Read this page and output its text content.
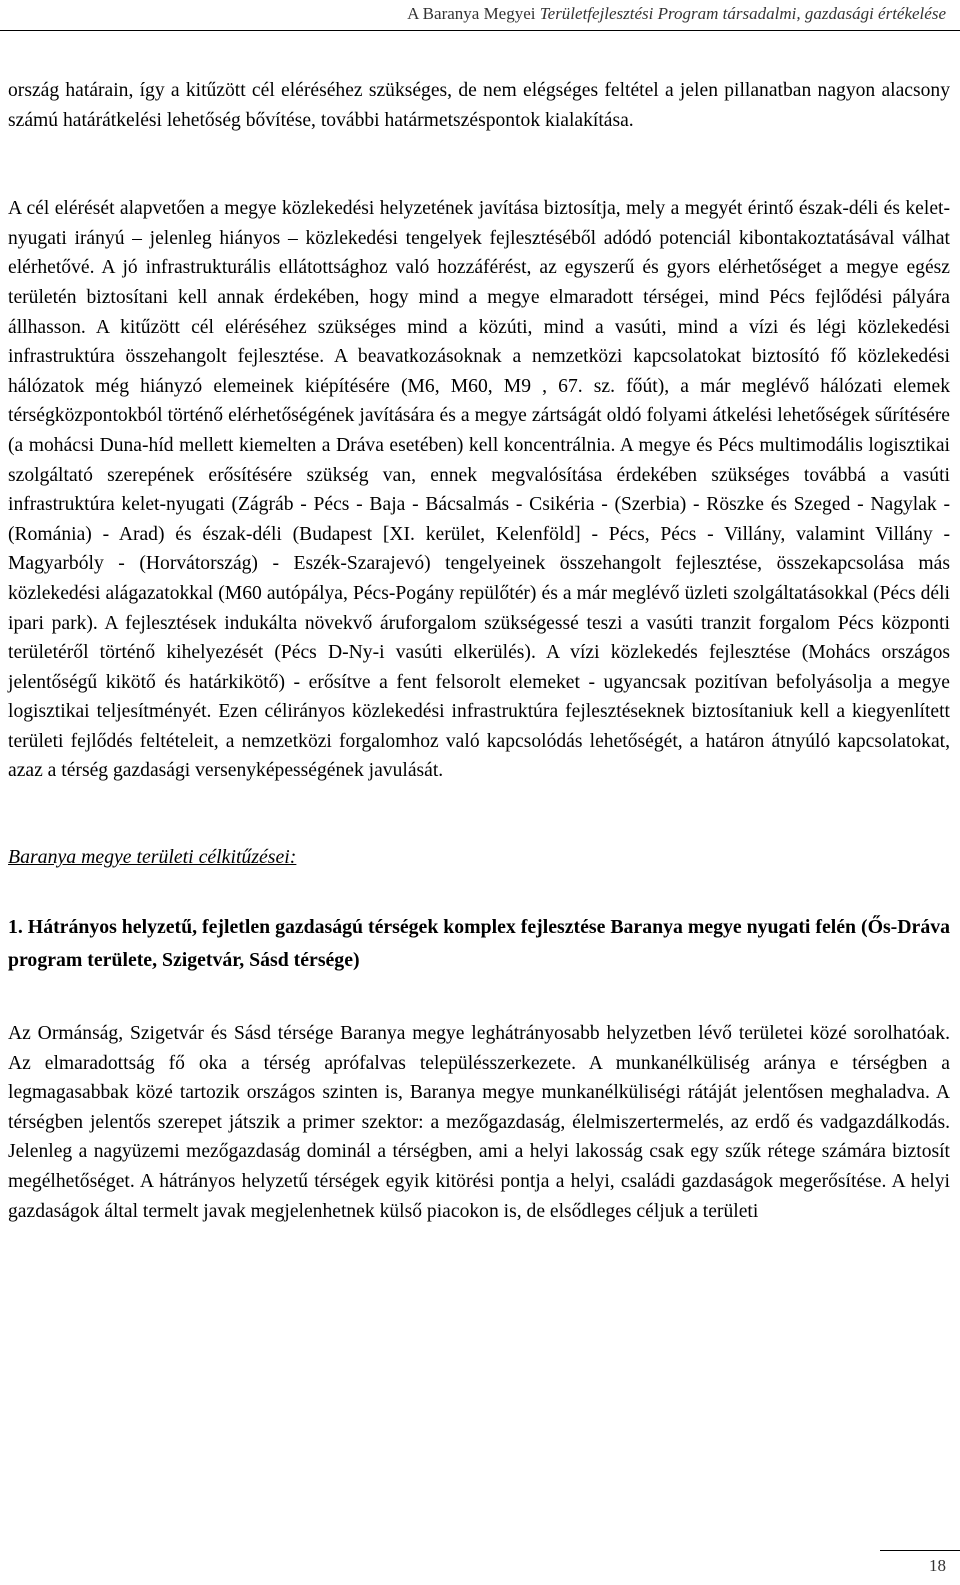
A Baranya Megyei Területfejlesztési Program társadalmi, gazdasági értékelése

ország határain, így a kitűzött cél eléréséhez szükséges, de nem elégséges feltétel a jelen pillanatban nagyon alacsony számú határátkelési lehetőség bővítése, további határmetszéspontok kialakítása.

A cél elérését alapvetően a megye közlekedési helyzetének javítása biztosítja, mely a megyét érintő észak-déli és kelet-nyugati irányú – jelenleg hiányos – közlekedési tengelyek fejlesztéséből adódó potenciál kibontakoztatásával válhat elérhetővé. A jó infrastrukturális ellátottsághoz való hozzáférést, az egyszerű és gyors elérhetőséget a megye egész területén biztosítani kell annak érdekében, hogy mind a megye elmaradott térségei, mind Pécs fejlődési pályára állhasson. A kitűzött cél eléréséhez szükséges mind a közúti, mind a vasúti, mind a vízi és légi közlekedési infrastruktúra összehangolt fejlesztése. A beavatkozásoknak a nemzetközi kapcsolatokat biztosító fő közlekedési hálózatok még hiányzó elemeinek kiépítésére (M6, M60, M9 , 67. sz. főút), a már meglévő hálózati elemek térségközpontokból történő elérhetőségének javítására és a megye zártságát oldó folyami átkelési lehetőségek sűrítésére (a mohácsi Duna-híd mellett kiemelten a Dráva esetében) kell koncentrálnia. A megye és Pécs multimodális logisztikai szolgáltató szerepének erősítésére szükség van, ennek megvalósítása érdekében szükséges továbbá a vasúti infrastruktúra kelet-nyugati (Zágráb - Pécs - Baja - Bácsalmás - Csikéria - (Szerbia) - Röszke és Szeged - Nagylak - (Románia) - Arad) és észak-déli (Budapest [XI. kerület, Kelenföld] - Pécs, Pécs - Villány, valamint Villány - Magyarbóly - (Horvátország) - Eszék-Szarajevó) tengelyeinek összehangolt fejlesztése, összekapcsolása más közlekedési alágazatokkal (M60 autópálya, Pécs-Pogány repülőtér) és a már meglévő üzleti szolgáltatásokkal (Pécs déli ipari park). A fejlesztések indukálta növekvő áruforgalom szükségessé teszi a vasúti tranzit forgalom Pécs központi területéről történő kihelyezését (Pécs D-Ny-i vasúti elkerülés). A vízi közlekedés fejlesztése (Mohács országos jelentőségű kikötő és határkikötő) - erősítve a fent felsorolt elemeket - ugyancsak pozitívan befolyásolja a megye logisztikai teljesítményét. Ezen célirányos közlekedési infrastruktúra fejlesztéseknek biztosítaniuk kell a kiegyenlített területi fejlődés feltételeit, a nemzetközi forgalomhoz való kapcsolódás lehetőségét, a határon átnyúló kapcsolatokat, azaz a térség gazdasági versenyképességének javulását.

Baranya megye területi célkitűzései:
1. Hátrányos helyzetű, fejletlen gazdaságú térségek komplex fejlesztése Baranya megye nyugati felén (Ős-Dráva program területe, Szigetvár, Sásd térsége)

Az Ormánság, Szigetvár és Sásd térsége Baranya megye leghátrányosabb helyzetben lévő területei közé sorolhatóak. Az elmaradottság fő oka a térség aprófalvas településszerkezete. A munkanélküliség aránya e térségben a legmagasabbak közé tartozik országos szinten is, Baranya megye munkanélküliségi rátáját jelentősen meghaladva. A térségben jelentős szerepet játszik a primer szektor: a mezőgazdaság, élelmiszertermelés, az erdő és vadgazdálkodás. Jelenleg a nagyüzemi mezőgazdaság dominál a térségben, ami a helyi lakosság csak egy szűk rétege számára biztosít megélhetőséget. A hátrányos helyzetű térségek egyik kitörési pontja a helyi, családi gazdaságok megerősítése. A helyi gazdaságok által termelt javak megjelenhetnek külső piacokon is, de elsődleges céljuk a területi

18
